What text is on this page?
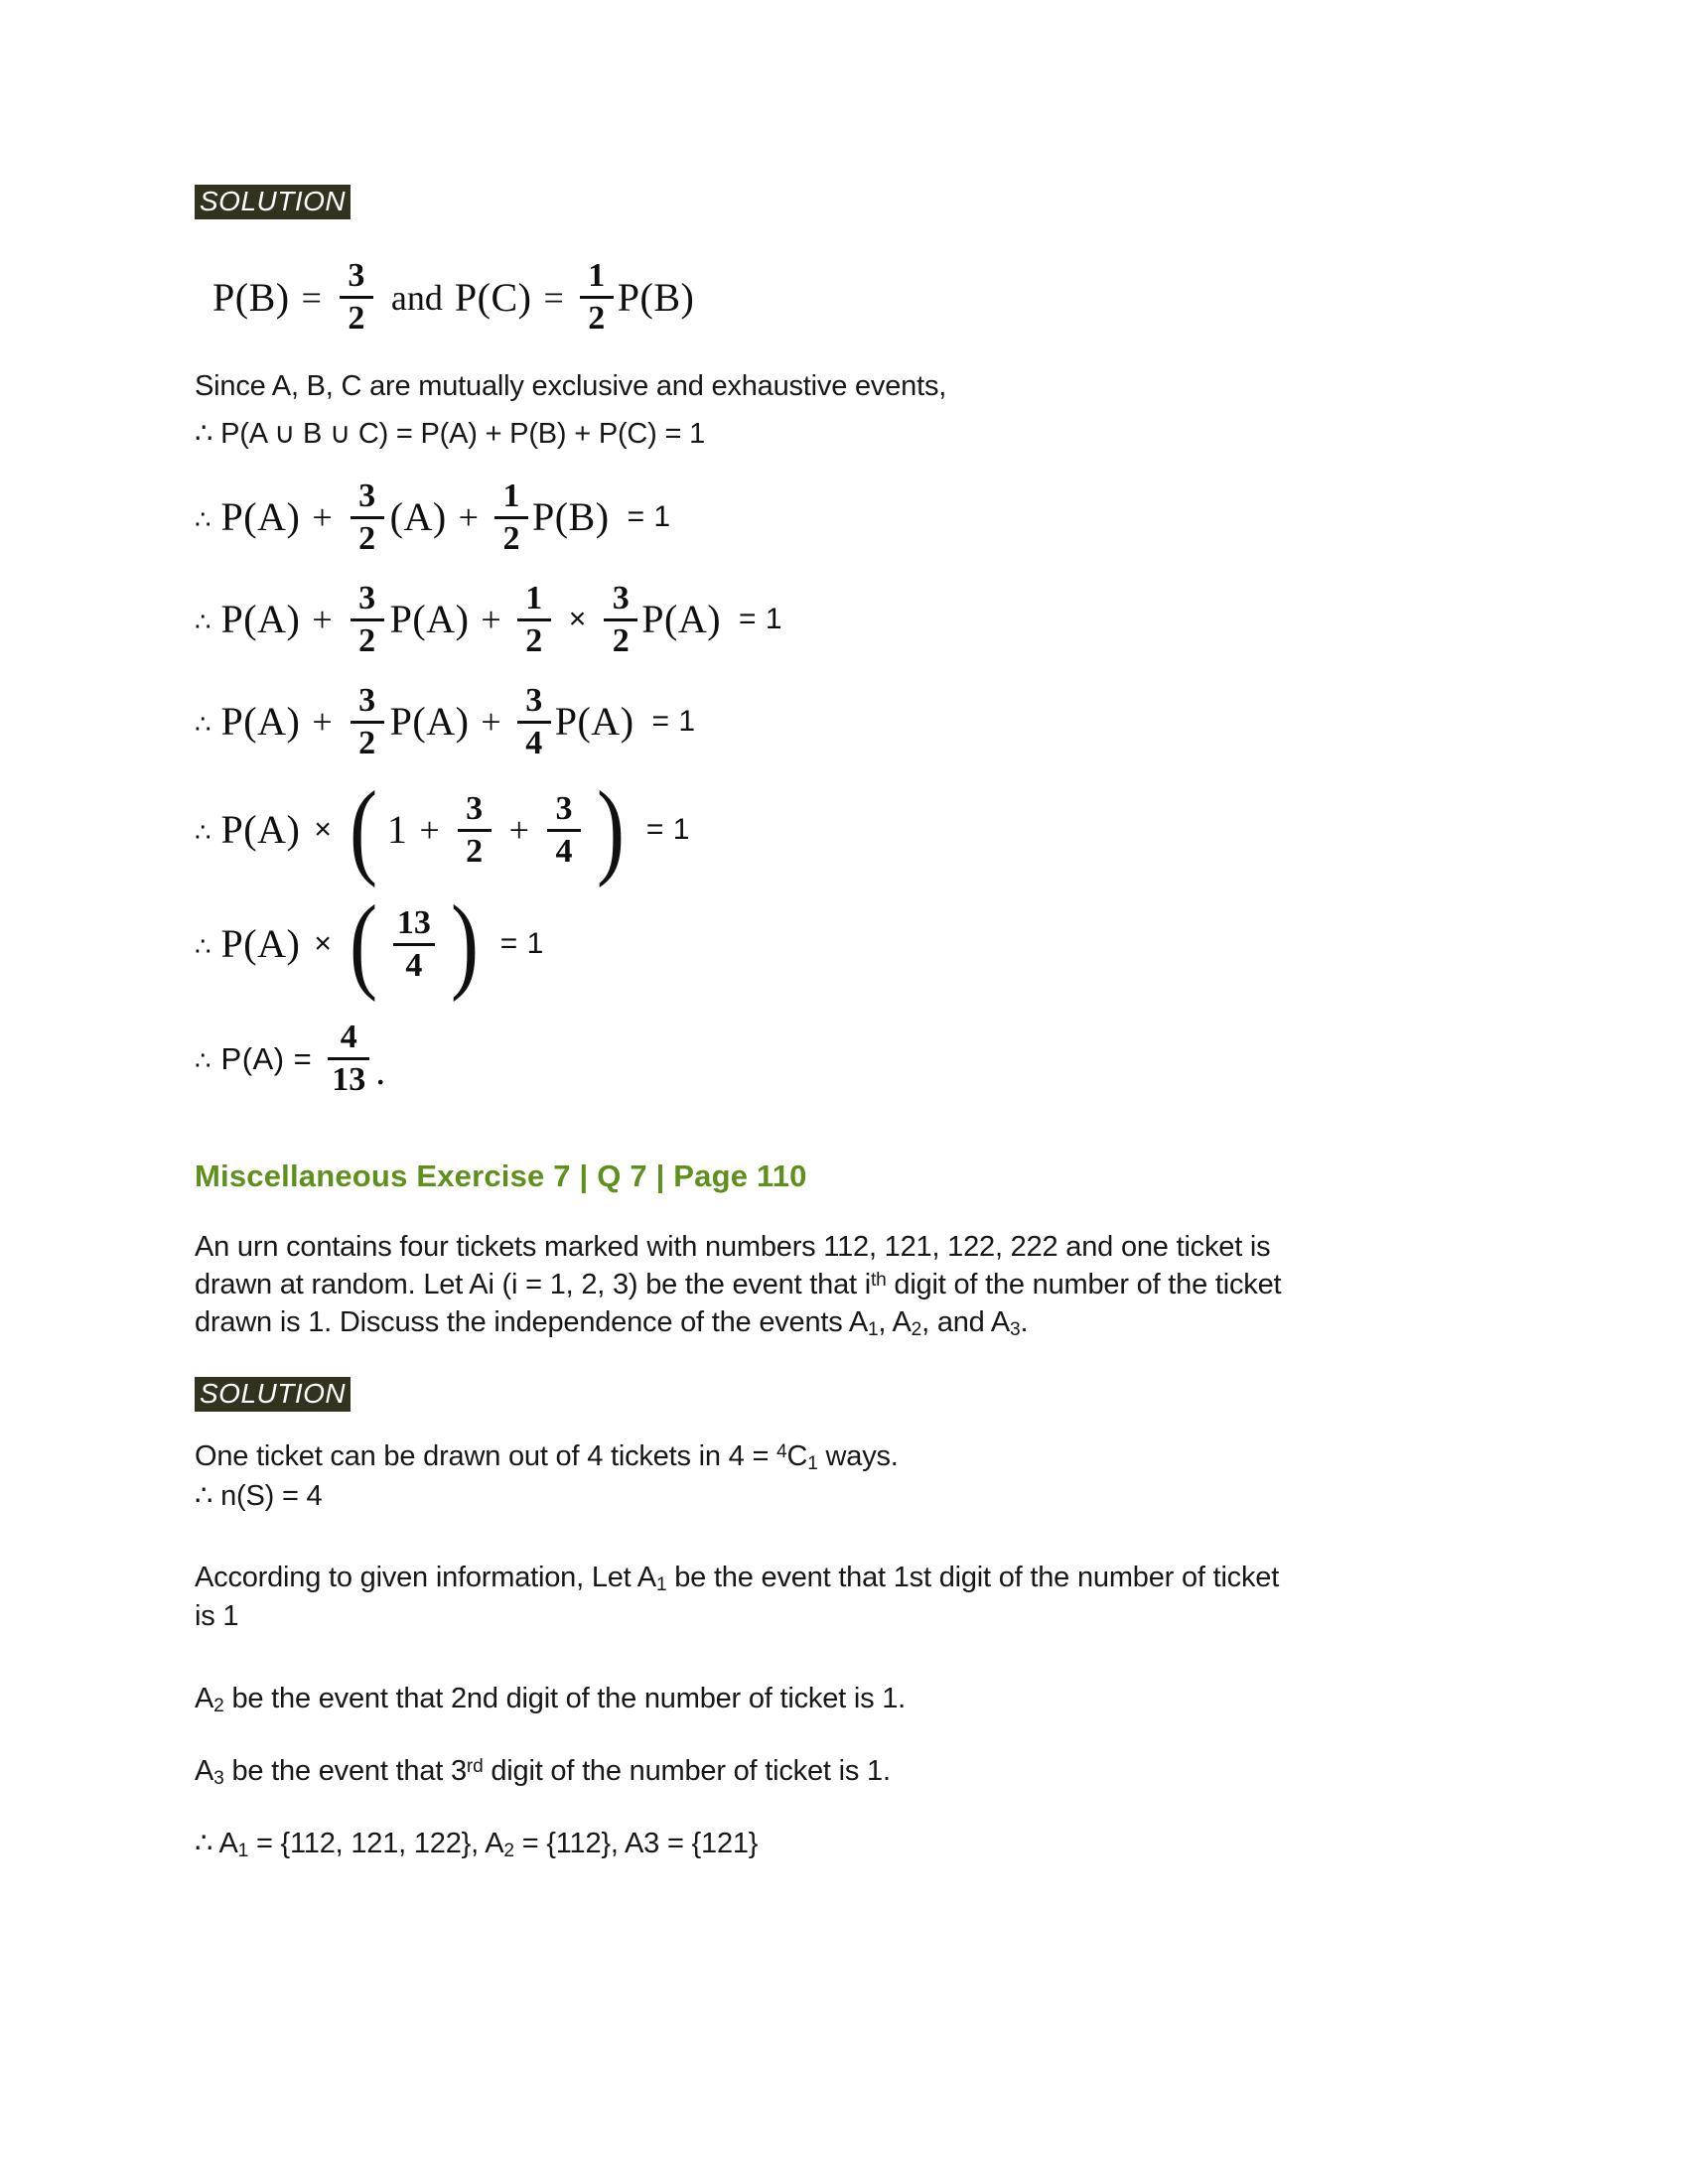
SOLUTION
$P(B) = \frac{3}{2}$ and $P(C) = \frac{1}{2} P(B)$
Since A, B, C are mutually exclusive and exhaustive events,
∴ P(A ∪ B ∪ C) = P(A) + P(B) + P(C) = 1
∴ $P(A) + \frac{3}{2} (A) + \frac{1}{2} P(B) = 1$
∴ $P(A) + \frac{3}{2} P(A) + \frac{1}{2} \times \frac{3}{2} P(A) = 1$
∴ $P(A) + \frac{3}{2} P(A) + \frac{3}{4} P(A) = 1$
∴ P(A) × ( $1 + \frac{3}{2} + \frac{3}{4}$ ) = 1
∴ P(A) × ( $\frac{13}{4}$ ) = 1
∴ $P(A) = \frac{4}{13}$ .
Miscellaneous Exercise 7 | Q 7 | Page 110
An urn contains four tickets marked with numbers 112, 121, 122, 222 and one ticket is
drawn at random. Let Ai (i = 1, 2, 3) be the event that $i^{th}$ digit of the number of the ticket
drawn is 1. Discuss the independence of the events $A_1$, $A_2$, and $A_3$.
SOLUTION
One ticket can be drawn out of 4 tickets in $4 = ^4C_1$ ways.
∴ n(S) = 4
According to given information, Let $A_1$ be the event that 1st digit of the number of ticket
is 1
$A_2$ be the event that 2nd digit of the number of ticket is 1.
$A_3$ be the event that 3rd digit of the number of ticket is 1.
∴ $A_1 = \{112$, 121, 122}, $A_2 = \{112\}$, A3 = {121}
